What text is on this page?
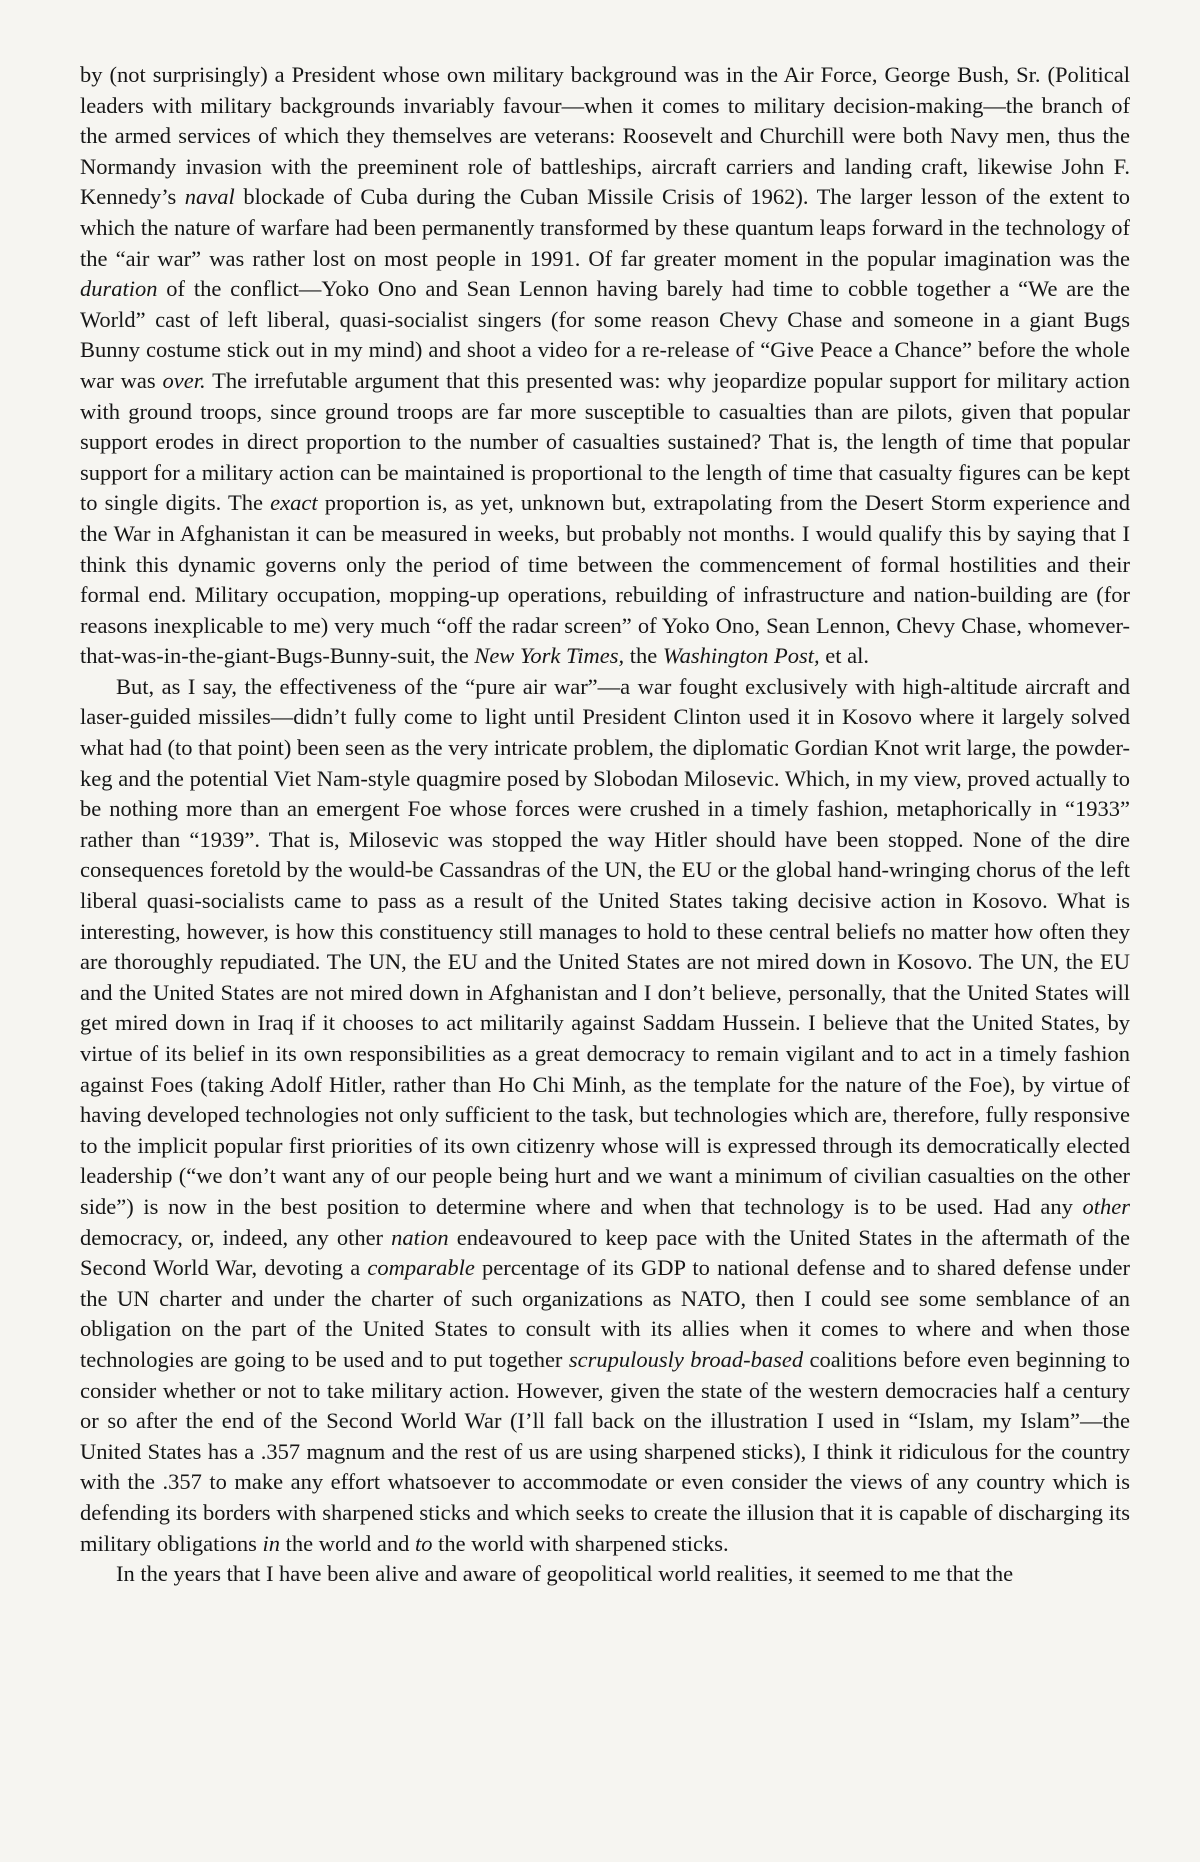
by (not surprisingly) a President whose own military background was in the Air Force, George Bush, Sr. (Political leaders with military backgrounds invariably favour—when it comes to military decision-making—the branch of the armed services of which they themselves are veterans: Roosevelt and Churchill were both Navy men, thus the Normandy invasion with the preeminent role of battleships, aircraft carriers and landing craft, likewise John F. Kennedy’s naval blockade of Cuba during the Cuban Missile Crisis of 1962). The larger lesson of the extent to which the nature of warfare had been permanently transformed by these quantum leaps forward in the technology of the “air war” was rather lost on most people in 1991. Of far greater moment in the popular imagination was the duration of the conflict—Yoko Ono and Sean Lennon having barely had time to cobble together a “We are the World” cast of left liberal, quasi-socialist singers (for some reason Chevy Chase and someone in a giant Bugs Bunny costume stick out in my mind) and shoot a video for a re-release of “Give Peace a Chance” before the whole war was over. The irrefutable argument that this presented was: why jeopardize popular support for military action with ground troops, since ground troops are far more susceptible to casualties than are pilots, given that popular support erodes in direct proportion to the number of casualties sustained? That is, the length of time that popular support for a military action can be maintained is proportional to the length of time that casualty figures can be kept to single digits. The exact proportion is, as yet, unknown but, extrapolating from the Desert Storm experience and the War in Afghanistan it can be measured in weeks, but probably not months. I would qualify this by saying that I think this dynamic governs only the period of time between the commencement of formal hostilities and their formal end. Military occupation, mopping-up operations, rebuilding of infrastructure and nation-building are (for reasons inexplicable to me) very much “off the radar screen” of Yoko Ono, Sean Lennon, Chevy Chase, whomever-that-was-in-the-giant-Bugs-Bunny-suit, the New York Times, the Washington Post, et al.

But, as I say, the effectiveness of the “pure air war”—a war fought exclusively with high-altitude aircraft and laser-guided missiles—didn’t fully come to light until President Clinton used it in Kosovo where it largely solved what had (to that point) been seen as the very intricate problem, the diplomatic Gordian Knot writ large, the powder-keg and the potential Viet Nam-style quagmire posed by Slobodan Milosevic. Which, in my view, proved actually to be nothing more than an emergent Foe whose forces were crushed in a timely fashion, metaphorically in “1933” rather than “1939”. That is, Milosevic was stopped the way Hitler should have been stopped. None of the dire consequences foretold by the would-be Cassandras of the UN, the EU or the global hand-wringing chorus of the left liberal quasi-socialists came to pass as a result of the United States taking decisive action in Kosovo. What is interesting, however, is how this constituency still manages to hold to these central beliefs no matter how often they are thoroughly repudiated. The UN, the EU and the United States are not mired down in Kosovo. The UN, the EU and the United States are not mired down in Afghanistan and I don’t believe, personally, that the United States will get mired down in Iraq if it chooses to act militarily against Saddam Hussein. I believe that the United States, by virtue of its belief in its own responsibilities as a great democracy to remain vigilant and to act in a timely fashion against Foes (taking Adolf Hitler, rather than Ho Chi Minh, as the template for the nature of the Foe), by virtue of having developed technologies not only sufficient to the task, but technologies which are, therefore, fully responsive to the implicit popular first priorities of its own citizenry whose will is expressed through its democratically elected leadership (“we don’t want any of our people being hurt and we want a minimum of civilian casualties on the other side”) is now in the best position to determine where and when that technology is to be used. Had any other democracy, or, indeed, any other nation endeavoured to keep pace with the United States in the aftermath of the Second World War, devoting a comparable percentage of its GDP to national defense and to shared defense under the UN charter and under the charter of such organizations as NATO, then I could see some semblance of an obligation on the part of the United States to consult with its allies when it comes to where and when those technologies are going to be used and to put together scrupulously broad-based coalitions before even beginning to consider whether or not to take military action. However, given the state of the western democracies half a century or so after the end of the Second World War (I’ll fall back on the illustration I used in “Islam, my Islam”—the United States has a .357 magnum and the rest of us are using sharpened sticks), I think it ridiculous for the country with the .357 to make any effort whatsoever to accommodate or even consider the views of any country which is defending its borders with sharpened sticks and which seeks to create the illusion that it is capable of discharging its military obligations in the world and to the world with sharpened sticks.

In the years that I have been alive and aware of geopolitical world realities, it seemed to me that the
